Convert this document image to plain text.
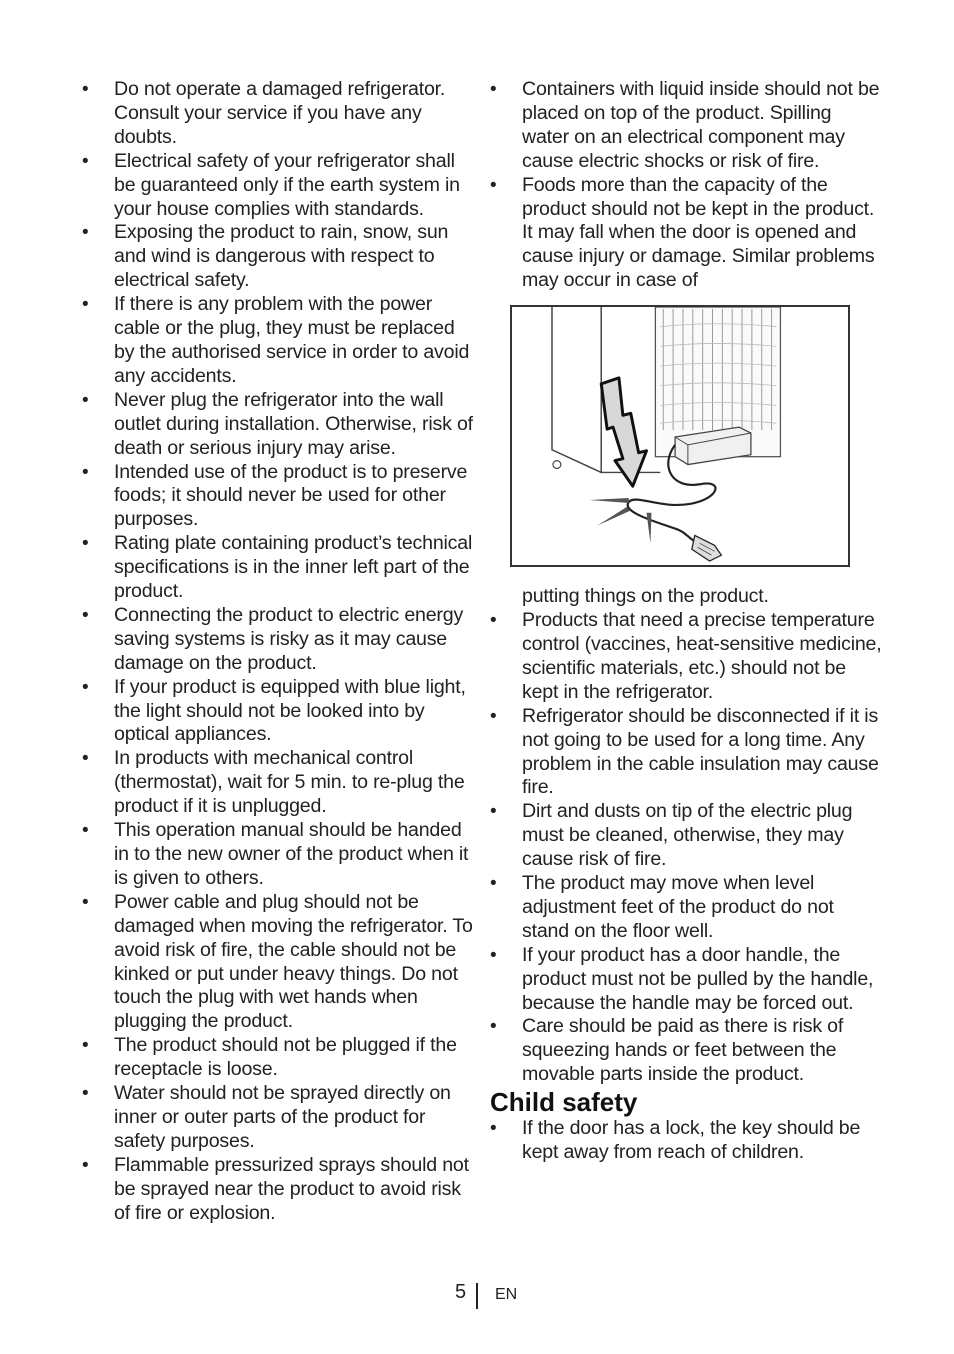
• Do not operate a damaged refrigerator. Consult your service if you have any doubts.
• Electrical safety of your refrigerator shall be guaranteed only if the earth system in your house complies with standards.
• Exposing the product to rain, snow, sun and wind is dangerous with respect to electrical safety.
• If there is any problem with the power cable or the plug, they must be replaced by the authorised service in order to avoid any accidents.
• Never plug the refrigerator into the wall outlet during installation. Otherwise, risk of death or serious injury may arise.
• Intended use of the product is to preserve foods; it should never be used for other purposes.
• Rating plate containing product’s technical specifications is in the inner left part of the product.
• Connecting the product to electric energy saving systems is risky as it may cause damage on the product.
• If your product is equipped with blue light, the light should not be looked into by optical appliances.
• In products with mechanical control (thermostat), wait for 5 min. to re-plug the product if it is unplugged.
• This operation manual should be handed in to the new owner of the product when it is given to others.
• Power cable and plug should not be damaged when moving the refrigerator. To avoid risk of fire, the cable should not be kinked or put under heavy things. Do not touch the plug with wet hands when plugging the product.
• The product should not be plugged if the receptacle is loose.
• Water should not be sprayed directly on inner or outer parts of the product for safety purposes.
• Flammable pressurized sprays should not be sprayed near the product to avoid risk of fire or explosion.
• Containers with liquid inside should not be placed on top of the product. Spilling water on an electrical component may cause electric shocks or risk of fire.
• Foods more than the capacity of the product should not be kept in the product. It may fall when the door is opened and cause injury or damage. Similar problems may occur in case of
putting things on the product.
• Products that need a precise temperature control (vaccines, heat-sensitive medicine, scientific materials, etc.) should not be kept in the refrigerator.
• Refrigerator should be disconnected if it is not going to be used for a long time. Any problem in the cable insulation may cause fire.
• Dirt and dusts on tip of the electric plug must be cleaned, otherwise, they may cause risk of fire.
• The product may move when level adjustment feet of the product do not stand on the floor well.
• If your product has a door handle, the product must not be pulled by the handle, because the handle may be forced out.
• Care should be paid as there is risk of squeezing hands or feet between the movable parts inside the product.
Child safety
• If the door has a lock, the key should be kept away from reach of children.
5 EN
